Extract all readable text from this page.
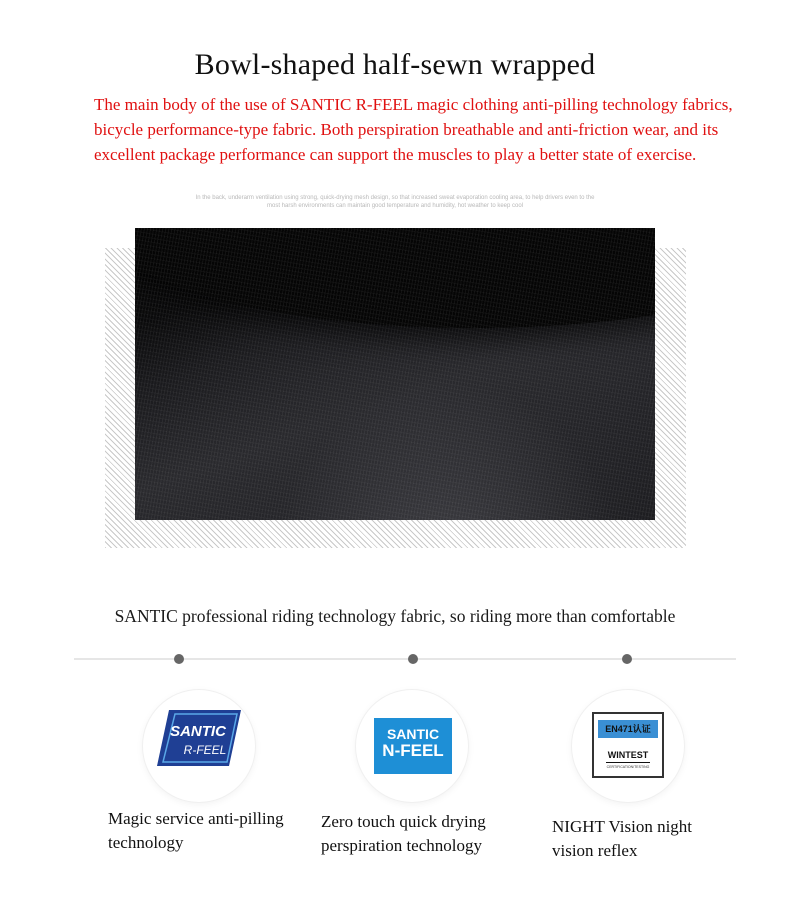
Bowl-shaped half-sewn wrapped
The main body of the use of SANTIC R-FEEL magic clothing anti-pilling technology fabrics, bicycle performance-type fabric. Both perspiration breathable and anti-friction wear, and its excellent package performance can support the muscles to play a better state of exercise.
In the back, underarm ventilation using strong, quick-drying mesh design, so that increased sweat evaporation cooling area, to help drivers even to the most harsh environments can maintain good temperature and humidity, hot weather to keep cool
SANTIC professional riding technology fabric, so riding more than comfortable
SANTIC
R-FEEL
Magic service anti-pilling
technology
SANTIC
N-FEEL
Zero touch quick drying
perspiration technology
EN471认证
WINTEST
CERTIFICATION/TESTING
NIGHT Vision night
vision reflex
